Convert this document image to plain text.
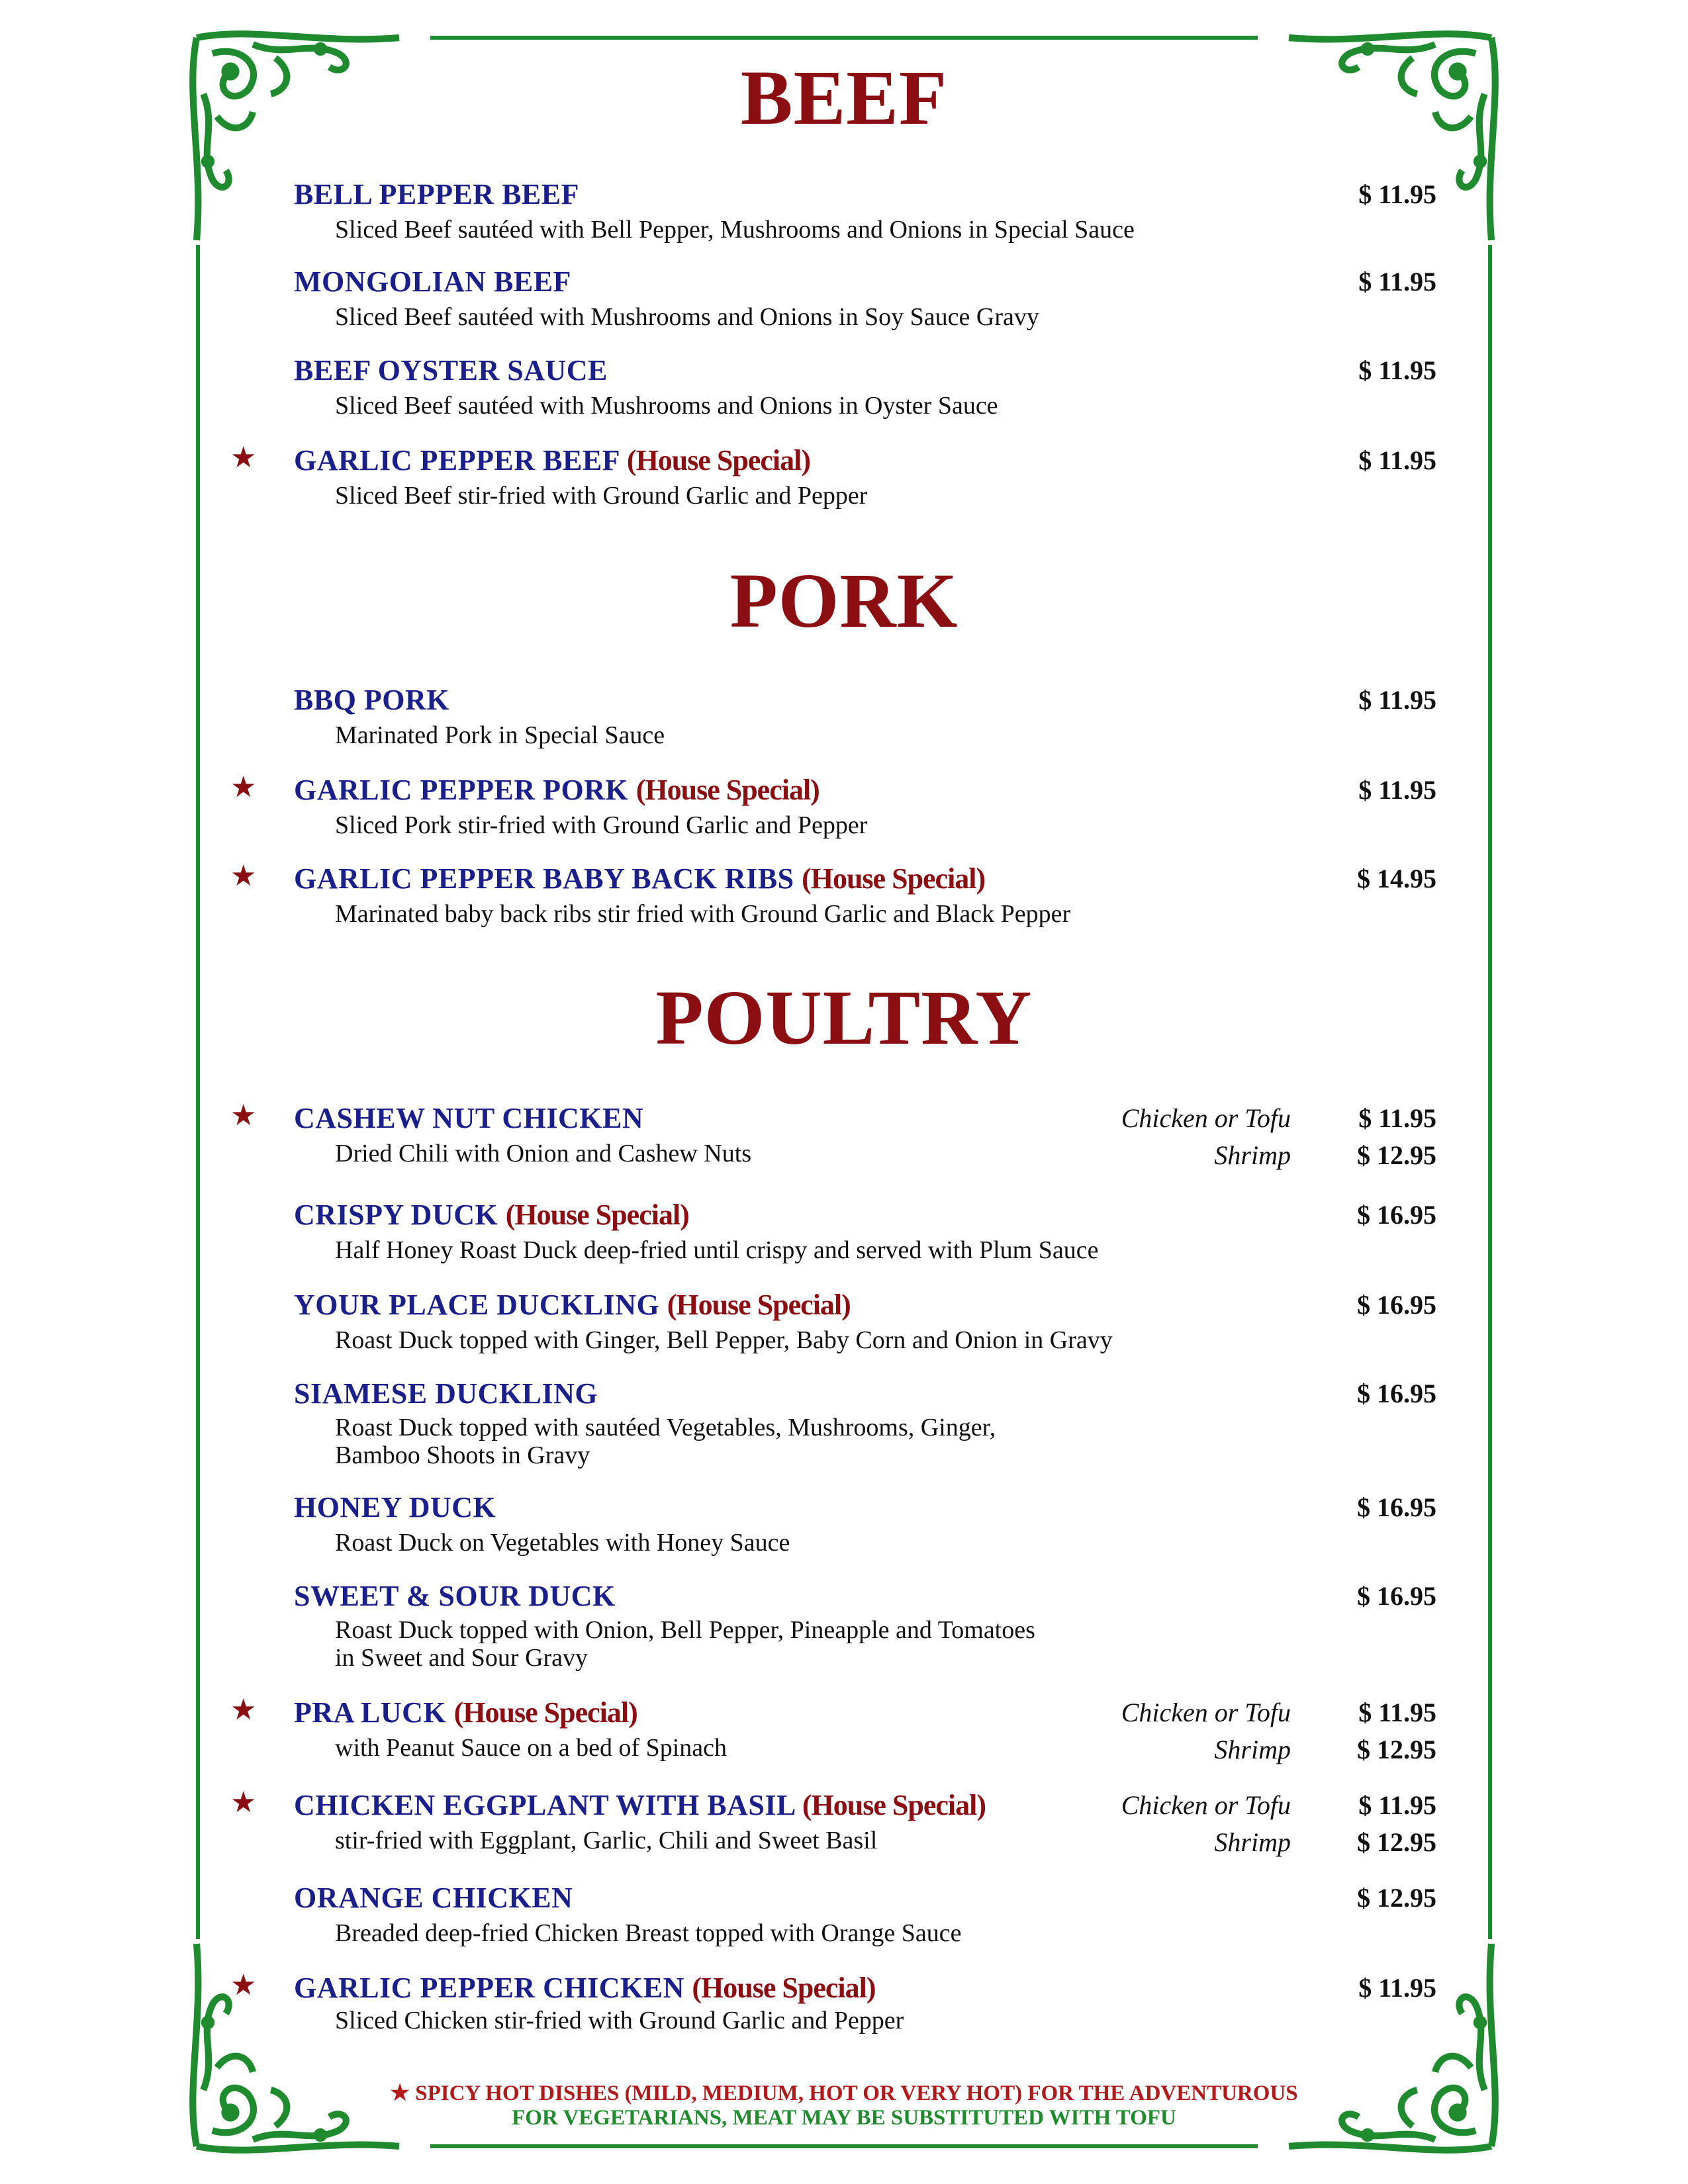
BEEF
BELL PEPPER BEEF	$ 11.95
Sliced Beef sautéed with Bell Pepper, Mushrooms and Onions in Special Sauce
MONGOLIAN BEEF	$ 11.95
Sliced Beef sautéed with Mushrooms and Onions in Soy Sauce Gravy
BEEF OYSTER SAUCE	$ 11.95
Sliced Beef sautéed with Mushrooms and Onions in Oyster Sauce
★ GARLIC PEPPER BEEF (House Special)	$ 11.95
Sliced Beef stir-fried with Ground Garlic and Pepper
PORK
BBQ PORK	$ 11.95
Marinated Pork in Special Sauce
★ GARLIC PEPPER PORK (House Special)	$ 11.95
Sliced Pork stir-fried with Ground Garlic and Pepper
★ GARLIC PEPPER BABY BACK RIBS (House Special)	$ 14.95
Marinated baby back ribs stir fried with Ground Garlic and Black Pepper
POULTRY
★ CASHEW NUT CHICKEN	Chicken or Tofu	$ 11.95
Dried Chili with Onion and Cashew Nuts	Shrimp	$ 12.95
CRISPY DUCK (House Special)	$ 16.95
Half Honey Roast Duck deep-fried until crispy and served with Plum Sauce
YOUR PLACE DUCKLING (House Special)	$ 16.95
Roast Duck topped with Ginger, Bell Pepper, Baby Corn and Onion in Gravy
SIAMESE DUCKLING	$ 16.95
Roast Duck topped with sautéed Vegetables, Mushrooms, Ginger,
Bamboo Shoots in Gravy
HONEY DUCK	$ 16.95
Roast Duck on Vegetables with Honey Sauce
SWEET & SOUR DUCK	$ 16.95
Roast Duck topped with Onion, Bell Pepper, Pineapple and Tomatoes
in Sweet and Sour Gravy
★ PRA LUCK (House Special)	Chicken or Tofu	$ 11.95
with Peanut Sauce on a bed of Spinach	Shrimp	$ 12.95
★ CHICKEN EGGPLANT WITH BASIL (House Special)	Chicken or Tofu	$ 11.95
stir-fried with Eggplant, Garlic, Chili and Sweet Basil	Shrimp	$ 12.95
ORANGE CHICKEN	$ 12.95
Breaded deep-fried Chicken Breast topped with Orange Sauce
★ GARLIC PEPPER CHICKEN (House Special)	$ 11.95
Sliced Chicken stir-fried with Ground Garlic and Pepper
★ SPICY HOT DISHES (MILD, MEDIUM, HOT OR VERY HOT) FOR THE ADVENTUROUS
FOR VEGETARIANS, MEAT MAY BE SUBSTITUTED WITH TOFU
